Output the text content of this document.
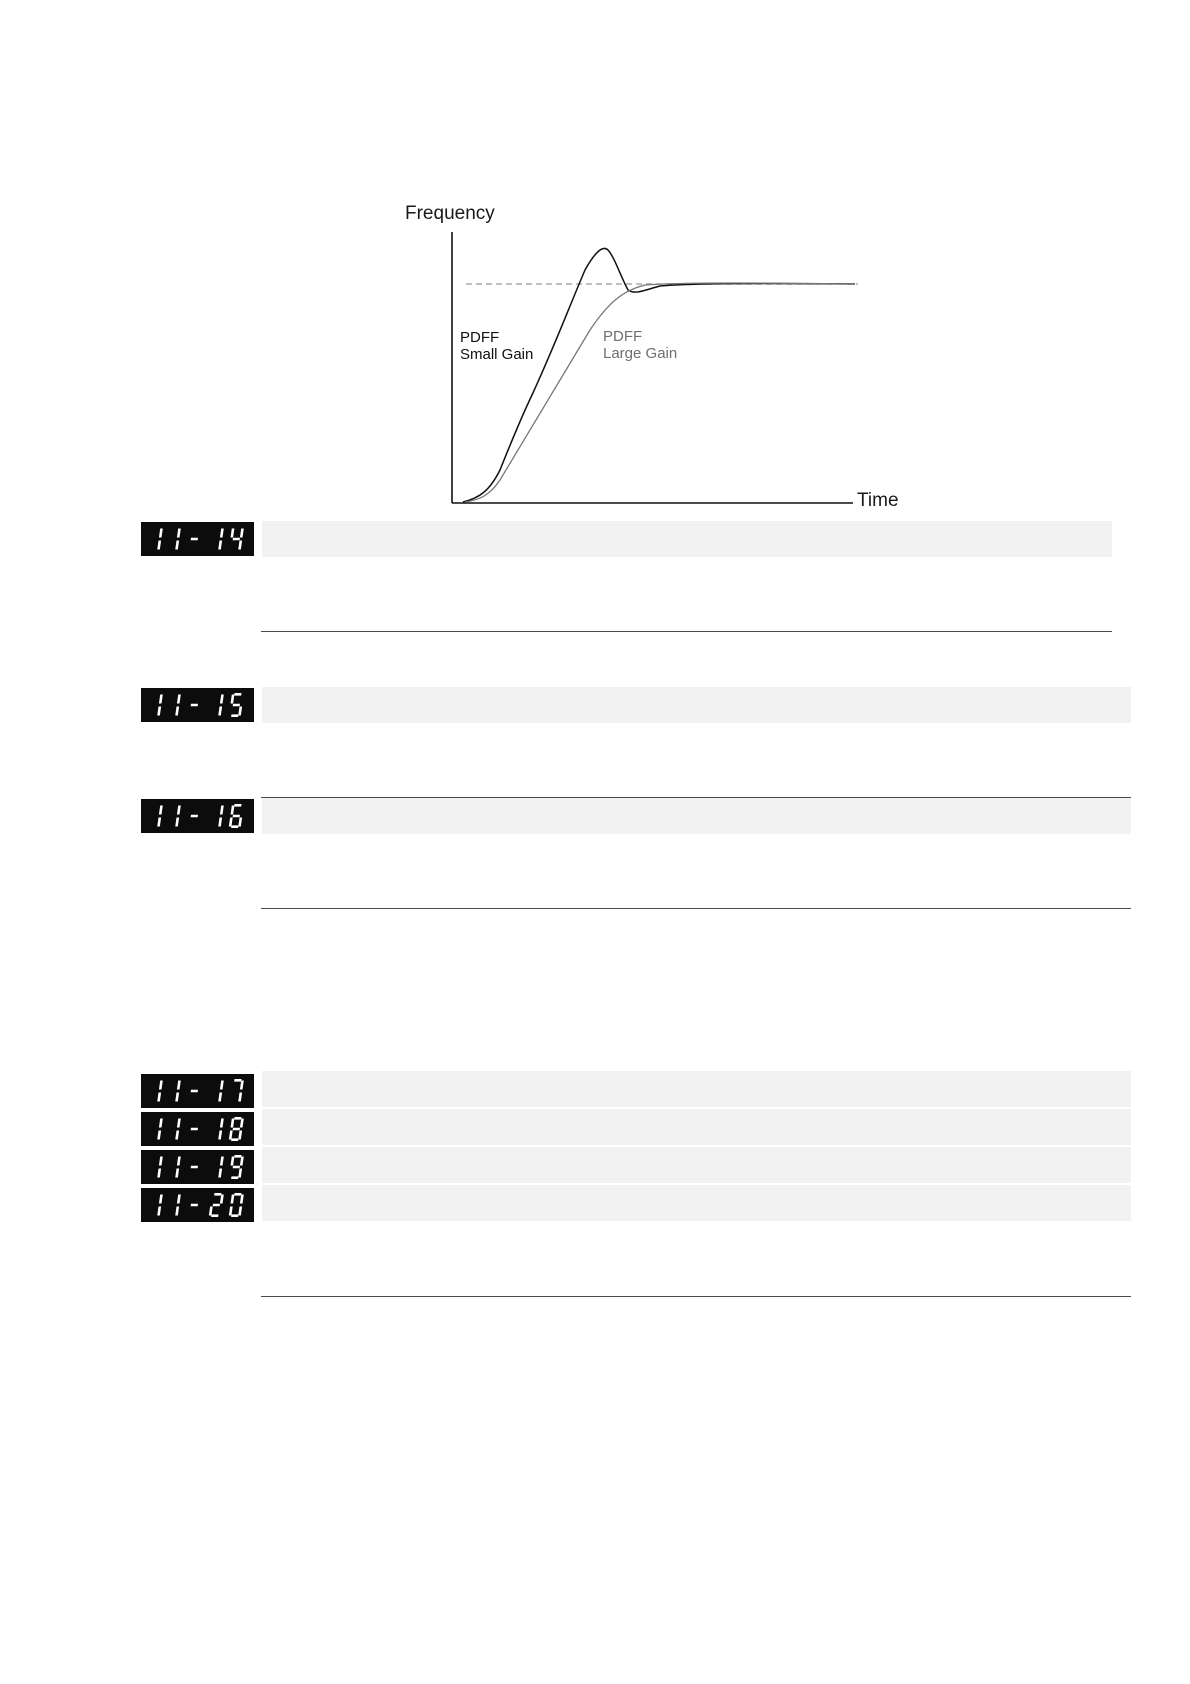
Frequency
Time
PDFF
Small Gain
PDFF
Large Gain
